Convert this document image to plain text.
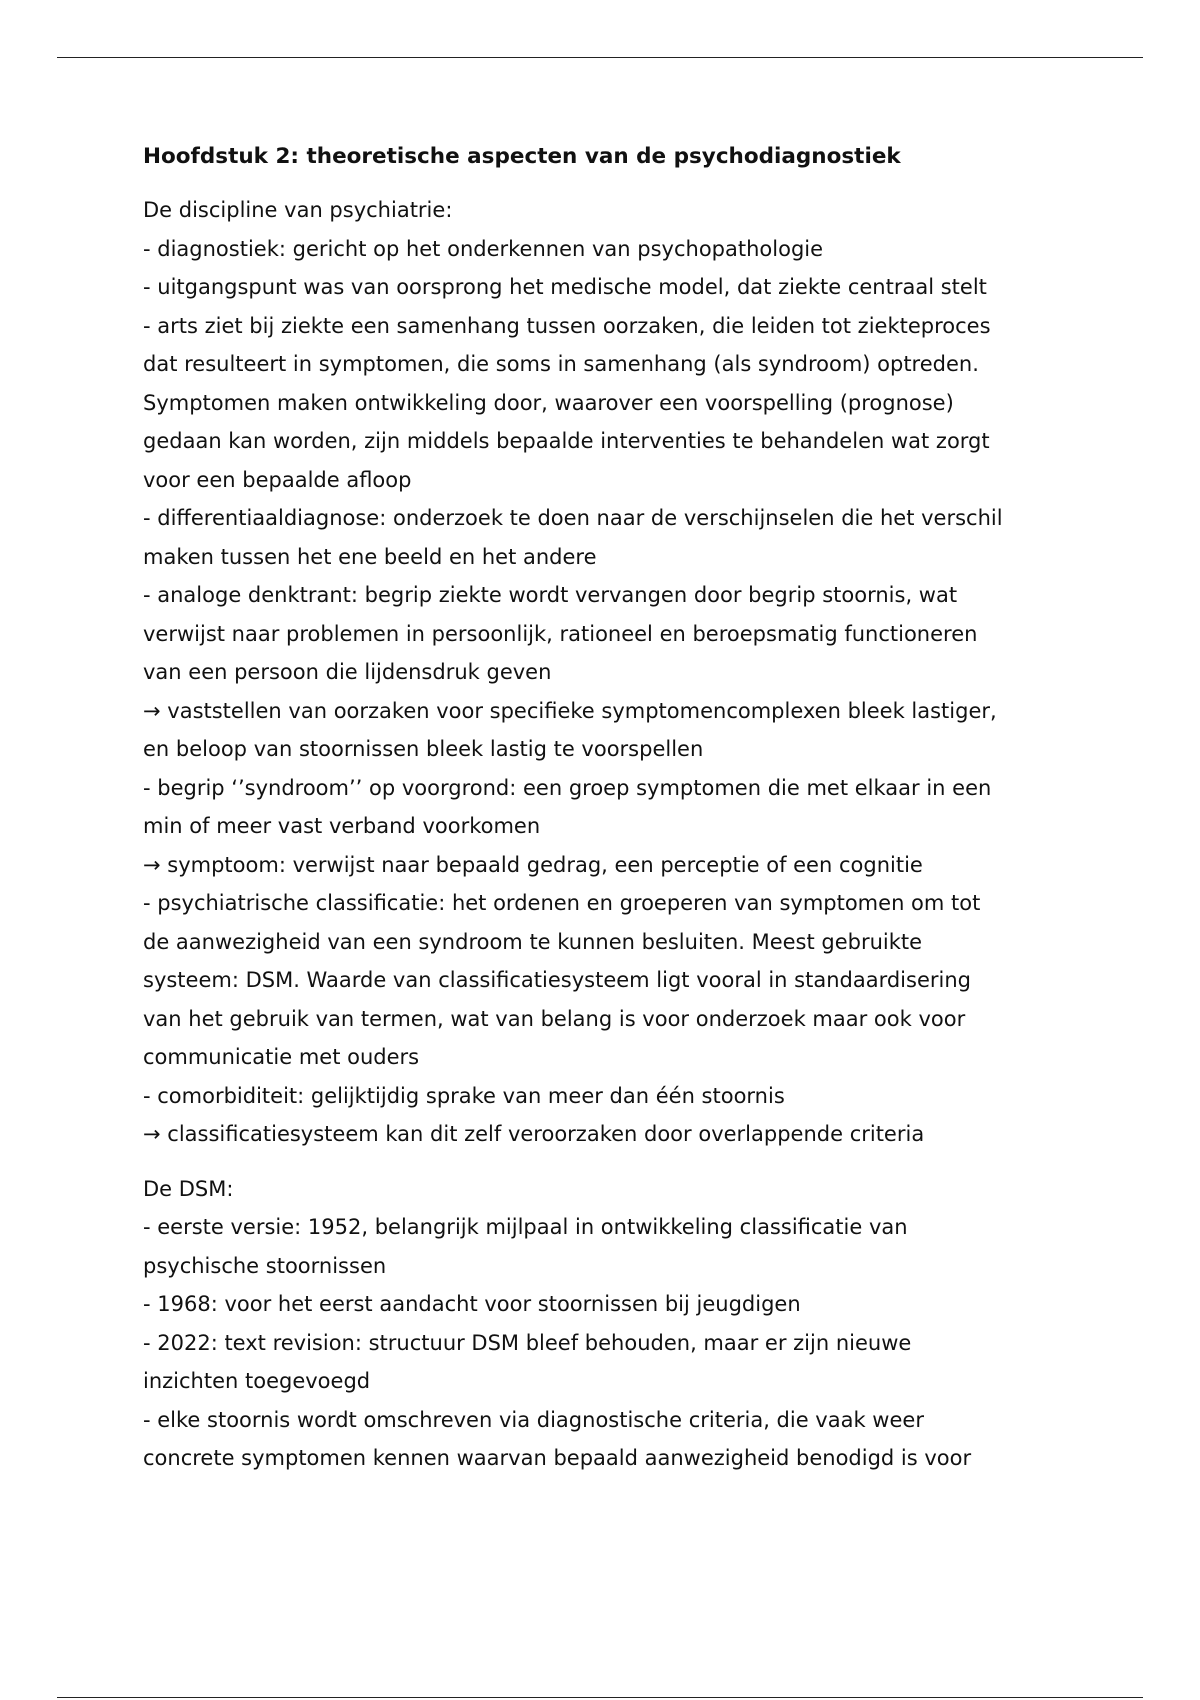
Hoofdstuk 2: theoretische aspecten van de psychodiagnostiek

De discipline van psychiatrie:

- diagnostiek: gericht op het onderkennen van psychopathologie

- uitgangspunt was van oorsprong het medische model, dat ziekte centraal stelt

- arts ziet bij ziekte een samenhang tussen oorzaken, die leiden tot ziekteproces

dat resulteert in symptomen, die soms in samenhang (als syndroom) optreden.

Symptomen maken ontwikkeling door, waarover een voorspelling (prognose)

gedaan kan worden, zijn middels bepaalde interventies te behandelen wat zorgt

voor een bepaalde afloop

- differentiaaldiagnose: onderzoek te doen naar de verschijnselen die het verschil

maken tussen het ene beeld en het andere

- analoge denktrant: begrip ziekte wordt vervangen door begrip stoornis, wat

verwijst naar problemen in persoonlijk, rationeel en beroepsmatig functioneren

van een persoon die lijdensdruk geven

→ vaststellen van oorzaken voor specifieke symptomencomplexen bleek lastiger,

en beloop van stoornissen bleek lastig te voorspellen

- begrip ‘’syndroom’’ op voorgrond: een groep symptomen die met elkaar in een

min of meer vast verband voorkomen

→ symptoom: verwijst naar bepaald gedrag, een perceptie of een cognitie

- psychiatrische classificatie: het ordenen en groeperen van symptomen om tot

de aanwezigheid van een syndroom te kunnen besluiten. Meest gebruikte

systeem: DSM. Waarde van classificatiesysteem ligt vooral in standaardisering

van het gebruik van termen, wat van belang is voor onderzoek maar ook voor

communicatie met ouders

- comorbiditeit: gelijktijdig sprake van meer dan één stoornis

→ classificatiesysteem kan dit zelf veroorzaken door overlappende criteria

De DSM:

- eerste versie: 1952, belangrijk mijlpaal in ontwikkeling classificatie van

psychische stoornissen

- 1968: voor het eerst aandacht voor stoornissen bij jeugdigen

- 2022: text revision: structuur DSM bleef behouden, maar er zijn nieuwe

inzichten toegevoegd

- elke stoornis wordt omschreven via diagnostische criteria, die vaak weer

concrete symptomen kennen waarvan bepaald aanwezigheid benodigd is voor
